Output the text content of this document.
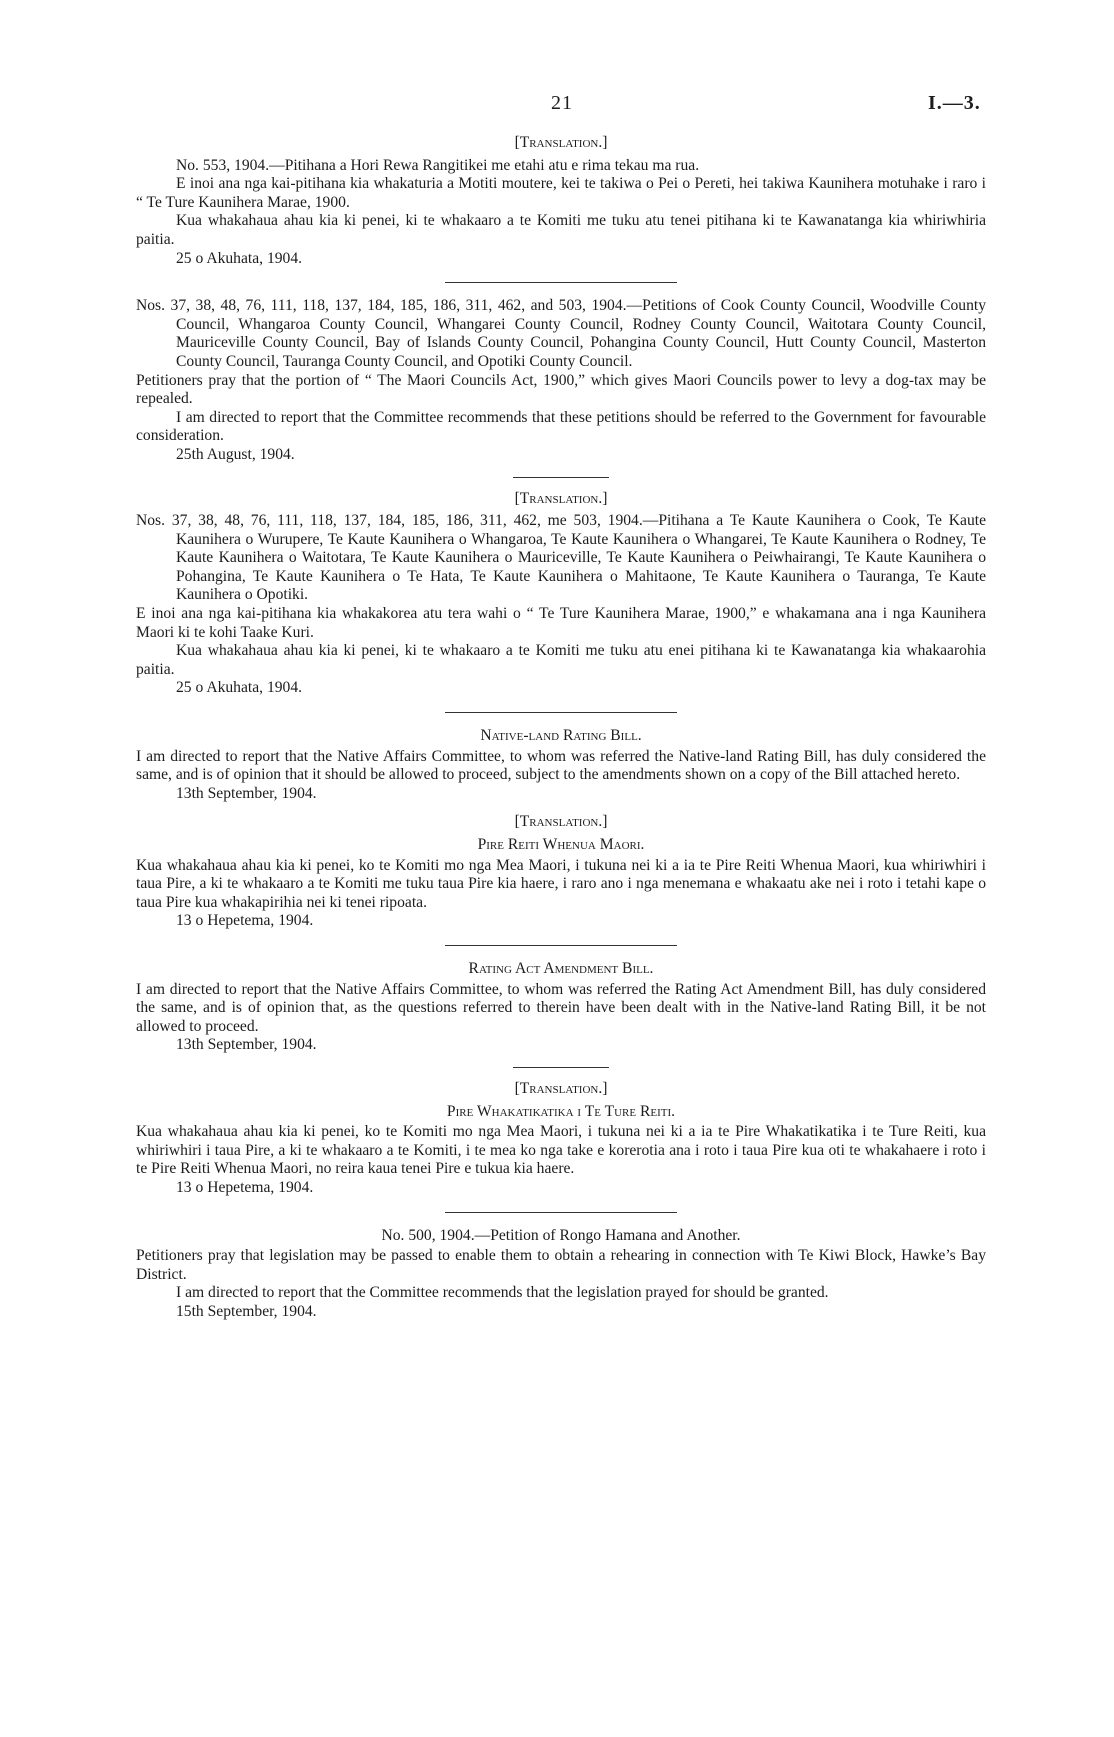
21	I.—3.

[Translation.]

No. 553, 1904.—Pitihana a Hori Rewa Rangitikei me etahi atu e rima tekau ma rua.

E inoi ana nga kai-pitihana kia whakaturia a Motiti moutere, kei te takiwa o Pei o Pereti, hei takiwa Kaunihera motuhake i raro i “ Te Ture Kaunihera Marae, 1900.

Kua whakahaua ahau kia ki penei, ki te whakaaro a te Komiti me tuku atu tenei pitihana ki te Kawanatanga kia whiriwhiria paitia.

25 o Akuhata, 1904.

Nos. 37, 38, 48, 76, 111, 118, 137, 184, 185, 186, 311, 462, and 503, 1904.—Petitions of Cook County Council, Woodville County Council, Whangaroa County Council, Whangarei County Council, Rodney County Council, Waitotara County Council, Mauriceville County Council, Bay of Islands County Council, Pohangina County Council, Hutt County Council, Masterton County Council, Tauranga County Council, and Opotiki County Council.

Petitioners pray that the portion of “ The Maori Councils Act, 1900,” which gives Maori Councils power to levy a dog-tax may be repealed.

I am directed to report that the Committee recommends that these petitions should be referred to the Government for favourable consideration.

25th August, 1904.

[Translation.]

Nos. 37, 38, 48, 76, 111, 118, 137, 184, 185, 186, 311, 462, me 503, 1904.—Pitihana a Te Kaute Kaunihera o Cook, Te Kaute Kaunihera o Wurupere, Te Kaute Kaunihera o Whangaroa, Te Kaute Kaunihera o Whangarei, Te Kaute Kaunihera o Rodney, Te Kaute Kaunihera o Waitotara, Te Kaute Kaunihera o Mauriceville, Te Kaute Kaunihera o Peiwhairangi, Te Kaute Kaunihera o Pohangina, Te Kaute Kaunihera o Te Hata, Te Kaute Kaunihera o Mahitaone, Te Kaute Kaunihera o Tauranga, Te Kaute Kaunihera o Opotiki.

E inoi ana nga kai-pitihana kia whakakorea atu tera wahi o “ Te Ture Kaunihera Marae, 1900,” e whakamana ana i nga Kaunihera Maori ki te kohi Taake Kuri.

Kua whakahaua ahau kia ki penei, ki te whakaaro a te Komiti me tuku atu enei pitihana ki te Kawanatanga kia whakaarohia paitia.

25 o Akuhata, 1904.

Native-land Rating Bill.

I am directed to report that the Native Affairs Committee, to whom was referred the Native-land Rating Bill, has duly considered the same, and is of opinion that it should be allowed to proceed, subject to the amendments shown on a copy of the Bill attached hereto.

13th September, 1904.

[Translation.]

Pire Reiti Whenua Maori.

Kua whakahaua ahau kia ki penei, ko te Komiti mo nga Mea Maori, i tukuna nei ki a ia te Pire Reiti Whenua Maori, kua whiriwhiri i taua Pire, a ki te whakaaro a te Komiti me tuku taua Pire kia haere, i raro ano i nga menemana e whakaatu ake nei i roto i tetahi kape o taua Pire kua whakapirihia nei ki tenei ripoata.

13 o Hepetema, 1904.

Rating Act Amendment Bill.

I am directed to report that the Native Affairs Committee, to whom was referred the Rating Act Amendment Bill, has duly considered the same, and is of opinion that, as the questions referred to therein have been dealt with in the Native-land Rating Bill, it be not allowed to proceed.

13th September, 1904.

[Translation.]

Pire Whakatikatika i Te Ture Reiti.

Kua whakahaua ahau kia ki penei, ko te Komiti mo nga Mea Maori, i tukuna nei ki a ia te Pire Whakatikatika i te Ture Reiti, kua whiriwhiri i taua Pire, a ki te whakaaro a te Komiti, i te mea ko nga take e korerotia ana i roto i taua Pire kua oti te whakahaere i roto i te Pire Reiti Whenua Maori, no reira kaua tenei Pire e tukua kia haere.

13 o Hepetema, 1904.

No. 500, 1904.—Petition of Rongo Hamana and Another.

Petitioners pray that legislation may be passed to enable them to obtain a rehearing in connection with Te Kiwi Block, Hawke’s Bay District.

I am directed to report that the Committee recommends that the legislation prayed for should be granted.

15th September, 1904.
